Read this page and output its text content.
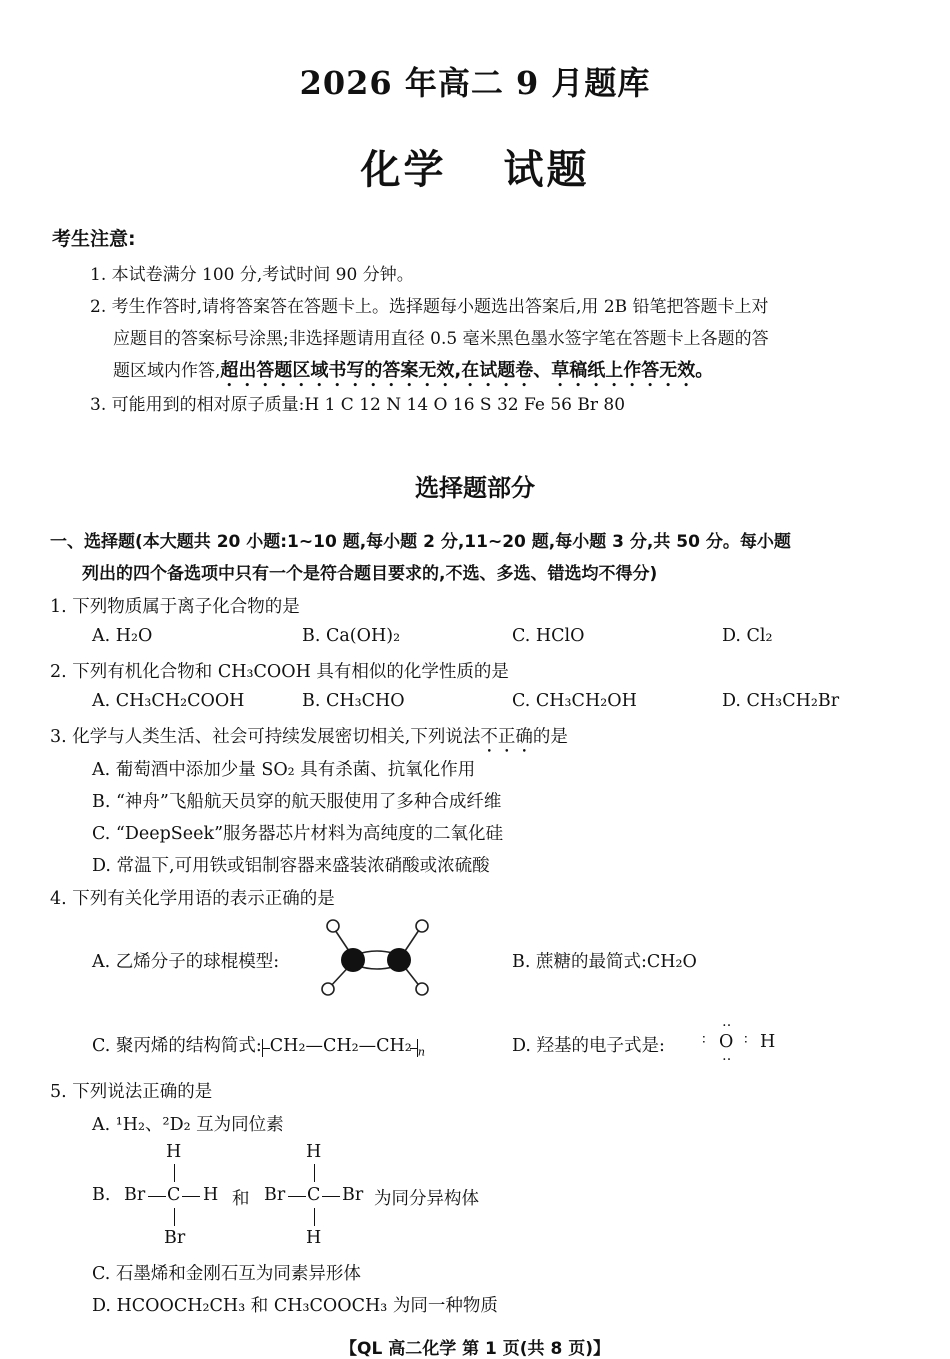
2026 年高二 9 月题库
化学 试题
考生注意:
1. 本试卷满分 100 分,考试时间 90 分钟。
2. 考生作答时,请将答案答在答题卡上。选择题每小题选出答案后,用 2B 铅笔把答题卡上对
应题目的答案标号涂黑;非选择题请用直径 0.5 毫米黑色墨水签字笔在答题卡上各题的答
题区域内作答,超出答题区域书写的答案无效,在试题卷、草稿纸上作答无效。
3. 可能用到的相对原子质量:H 1 C 12 N 14 O 16 S 32 Fe 56 Br 80
选择题部分
一、选择题(本大题共 20 小题:1~10 题,每小题 2 分,11~20 题,每小题 3 分,共 50 分。每小题
列出的四个备选项中只有一个是符合题目要求的,不选、多选、错选均不得分)
1. 下列物质属于离子化合物的是
A. H₂O	B. Ca(OH)₂	C. HClO	D. Cl₂
2. 下列有机化合物和 CH₃COOH 具有相似的化学性质的是
A. CH₃CH₂COOH	B. CH₃CHO	C. CH₃CH₂OH	D. CH₃CH₂Br
3. 化学与人类生活、社会可持续发展密切相关,下列说法不正确的是
A. 葡萄酒中添加少量 SO₂ 具有杀菌、抗氧化作用
B. “神舟”飞船航天员穿的航天服使用了多种合成纤维
C. “DeepSeek”服务器芯片材料为高纯度的二氧化硅
D. 常温下,可用铁或铝制容器来盛装浓硝酸或浓硫酸
4. 下列有关化学用语的表示正确的是
A. 乙烯分子的球棍模型:	B. 蔗糖的最简式:CH₂O
C. 聚丙烯的结构简式: CH₂—CH₂—CH₂ $_n$	D. 羟基的电子式是:	∶
‥
O
‥
∶ H
5. 下列说法正确的是
A. ¹H₂、²D₂ 互为同位素
B.
H
Br C H
Br
和
H
Br C Br
H
为同分异构体
C. 石墨烯和金刚石互为同素异形体
D. HCOOCH₂CH₃ 和 CH₃COOCH₃ 为同一种物质
【QL 高二化学 第 1 页(共 8 页)】
